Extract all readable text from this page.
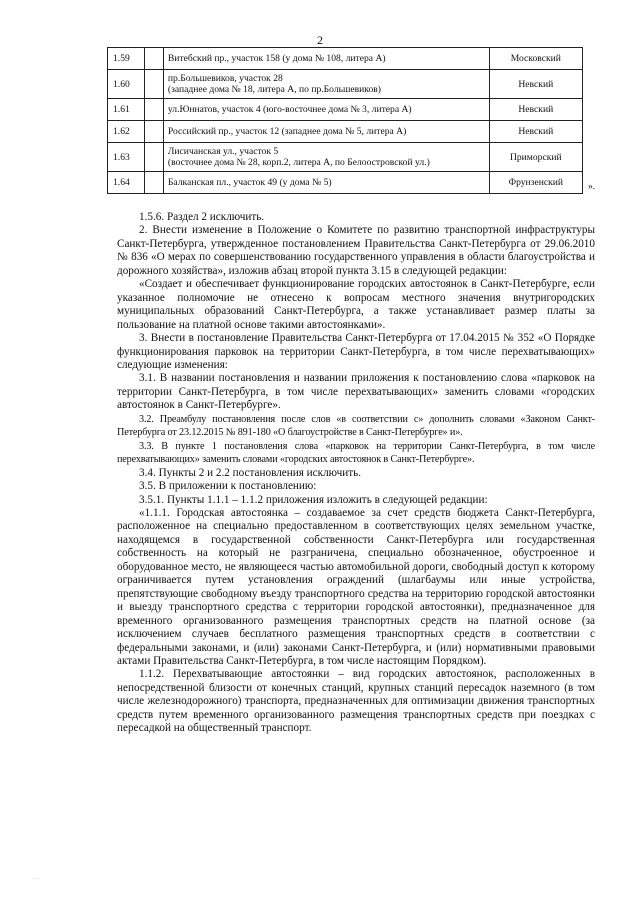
2
1.59		Витебский пр., участок 158 (у дома № 108, литера А)	Московский
1.60		пр.Большевиков, участок 28
(западнее дома № 18, литера А, по пр.Большевиков)	Невский
1.61		ул.Юннатов, участок 4 (юго-восточнее дома № 3, литера А)	Невский
1.62		Российский пр., участок 12 (западнее дома № 5, литера А)	Невский
1.63		Лисичанская ул., участок 5
(восточнее дома № 28, корп.2, литера А, по Белоостровской ул.)	Приморский
1.64		Балканская пл., участок 49 (у дома № 5)	Фрунзенский	».

1.5.6. Раздел 2 исключить.

2. Внести изменение в Положение о Комитете по развитию транспортной инфраструктуры Санкт-Петербурга, утвержденное постановлением Правительства Санкт-Петербурга от 29.06.2010 № 836 «О мерах по совершенствованию государственного управления в области благоустройства и дорожного хозяйства», изложив абзац второй пункта 3.15 в следующей редакции:

«Создает и обеспечивает функционирование городских автостоянок в Санкт-Петербурге, если указанное полномочие не отнесено к вопросам местного значения внутригородских муниципальных образований Санкт-Петербурга, а также устанавливает размер платы за пользование на платной основе такими автостоянками».

3. Внести в постановление Правительства Санкт-Петербурга от 17.04.2015 № 352 «О Порядке функционирования парковок на территории Санкт-Петербурга, в том числе перехватывающих» следующие изменения:

3.1. В названии постановления и названии приложения к постановлению слова «парковок на территории Санкт-Петербурга, в том числе перехватывающих» заменить словами «городских автостоянок в Санкт-Петербурге».

3.2. Преамбулу постановления после слов «в соответствии с» дополнить словами «Законом Санкт-Петербурга от 23.12.2015 № 891-180 «О благоустройстве в Санкт-Петербурге» и».

3.3. В пункте 1 постановления слова «парковок на территории Санкт-Петербурга, в том числе перехватывающих» заменить словами «городских автостоянок в Санкт-Петербурге».

3.4. Пункты 2 и 2.2 постановления исключить.

3.5. В приложении к постановлению:

3.5.1. Пункты 1.1.1 – 1.1.2 приложения изложить в следующей редакции:

«1.1.1. Городская автостоянка – создаваемое за счет средств бюджета Санкт-Петербурга, расположенное на специально предоставленном в соответствующих целях земельном участке, находящемся в государственной собственности Санкт-Петербурга или государственная собственность на который не разграничена, специально обозначенное, обустроенное и оборудованное место, не являющееся частью автомобильной дороги, свободный доступ к которому ограничивается путем установления ограждений (шлагбаумы или иные устройства, препятствующие свободному въезду транспортного средства на территорию городской автостоянки и выезду транспортного средства с территории городской автостоянки), предназначенное для временного организованного размещения транспортных средств на платной основе (за исключением случаев бесплатного размещения транспортных средств в соответствии с федеральными законами, и (или) законами Санкт-Петербурга, и (или) нормативными правовыми актами Правительства Санкт-Петербурга, в том числе настоящим Порядком).

1.1.2. Перехватывающие автостоянки – вид городских автостоянок, расположенных в непосредственной близости от конечных станций, крупных станций пересадок наземного (в том числе железнодорожного) транспорта, предназначенных для оптимизации движения транспортных средств путем временного организованного размещения транспортных средств при поездках с пересадкой на общественный транспорт.

. . .
